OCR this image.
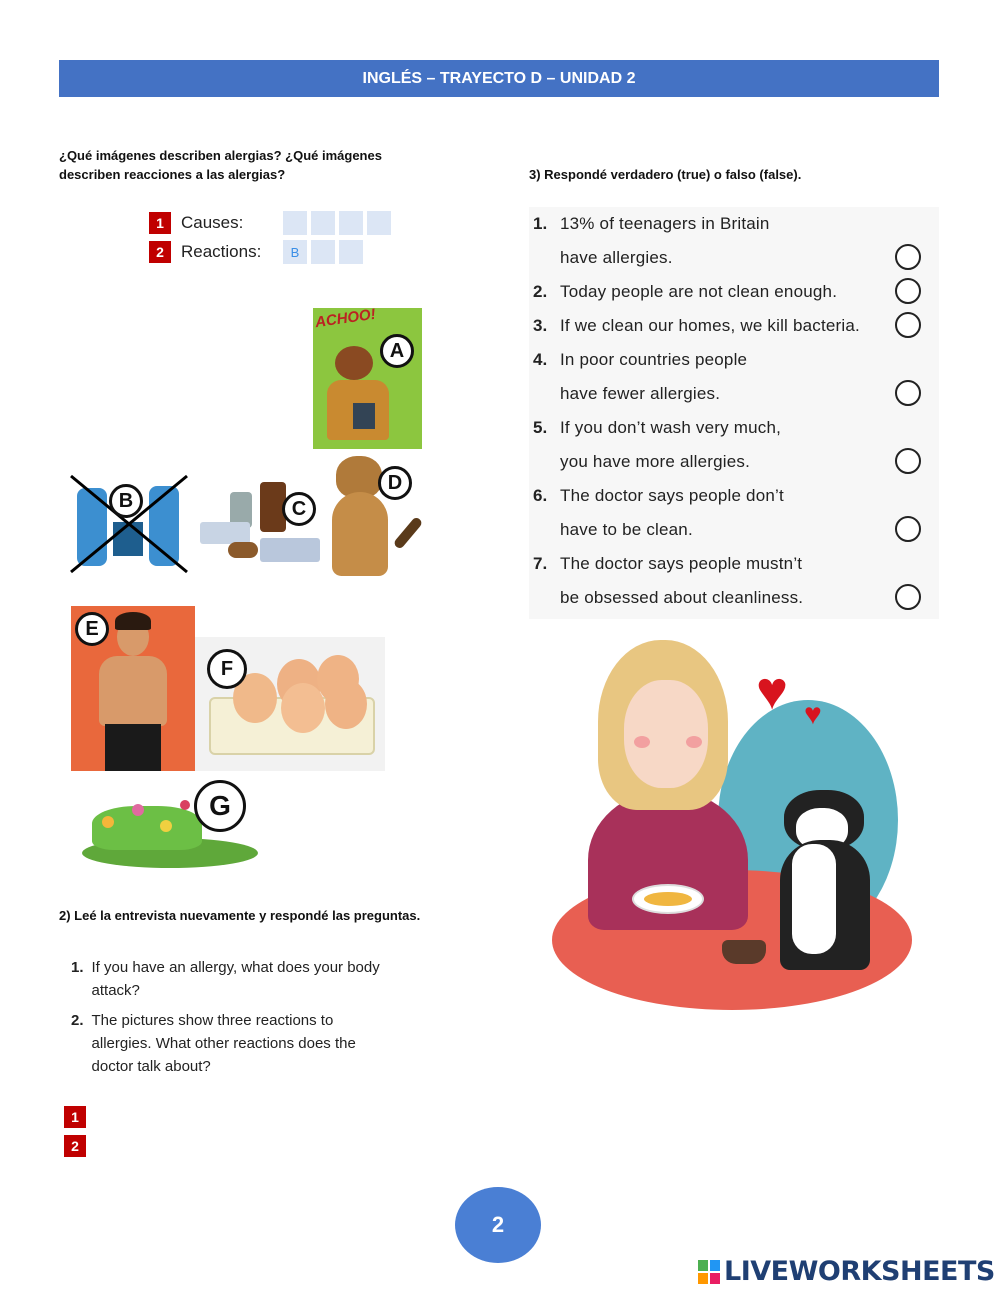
INGLÉS – TRAYECTO D – UNIDAD 2
¿Qué imágenes describen alergias? ¿Qué imágenes describen reacciones a las alergias?
1	Causes:
2	Reactions:	B
ACHOO!
A
B	C
D
E
F
G
3) Respondé verdadero (true) o falso (false).
1. 13% of teenagers in Britain
have allergies.
2. Today people are not clean enough.
3. If we clean our homes, we kill bacteria.
4. In poor countries people
have fewer allergies.
5. If you don’t wash very much,
you have more allergies.
6. The doctor says people don’t
have to be clean.
7. The doctor says people mustn’t
be obsessed about cleanliness.
♥ ♥
2) Leé la entrevista nuevamente y respondé las preguntas.
1. If you have an allergy, what does your body
attack?
2. The pictures show three reactions to
allergies. What other reactions does the
doctor talk about?
1
2
2
LIVEWORKSHEETS
